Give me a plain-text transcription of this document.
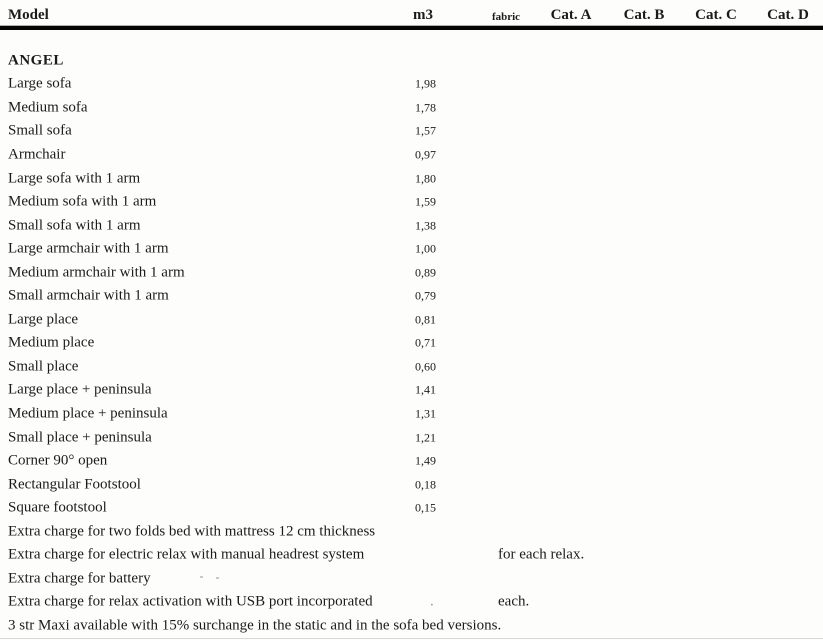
Model	m3	fabric Cat. A Cat. B Cat. C Cat. D
ANGEL
Large sofa	1,98
Medium sofa	1,78
Small sofa	1,57
Armchair	0,97
Large sofa with 1 arm	1,80
Medium sofa with 1 arm	1,59
Small sofa with 1 arm	1,38
Large armchair with 1 arm	1,00
Medium armchair with 1 arm	0,89
Small armchair with 1 arm	0,79
Large place	0,81
Medium place	0,71
Small place	0,60
Large place + peninsula	1,41
Medium place + peninsula	1,31
Small place + peninsula	1,21
Corner 90° open	1,49
Rectangular Footstool	0,18
Square footstool	0,15
Extra charge for two folds bed with mattress 12 cm thickness
Extra charge for electric relax with manual headrest system	for each relax.
Extra charge for battery
Extra charge for relax activation with USB port incorporated	.	each.
3 str Maxi available with 15% surchange in the static and in the sofa bed versions.
